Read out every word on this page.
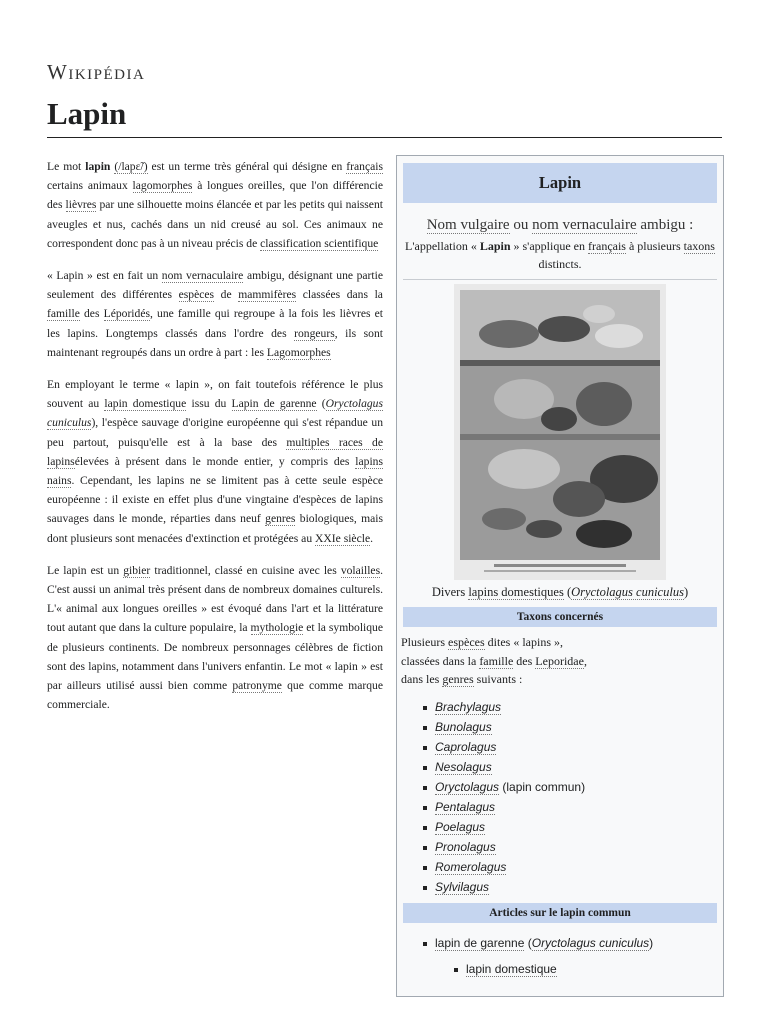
Wikipédia
Lapin

Le mot lapin (/lapɛ̃/) est un terme très général qui désigne en français certains animaux lagomorphes à longues oreilles, que l'on différencie des lièvres par une silhouette moins élancée et par les petits qui naissent aveugles et nus, cachés dans un nid creusé au sol. Ces animaux ne correspondent donc pas à un niveau précis de classification scientifique

« Lapin » est en fait un nom vernaculaire ambigu, désignant une partie seulement des différentes espèces de mammifères classées dans la famille des Léporidés, une famille qui regroupe à la fois les lièvres et les lapins. Longtemps classés dans l'ordre des rongeurs, ils sont maintenant regroupés dans un ordre à part : les Lagomorphes

En employant le terme « lapin », on fait toutefois référence le plus souvent au lapin domestique issu du Lapin de garenne (Oryctolagus cuniculus), l'espèce sauvage d'origine européenne qui s'est répandue un peu partout, puisqu'elle est à la base des multiples races de lapinsélevées à présent dans le monde entier, y compris des lapins nains. Cependant, les lapins ne se limitent pas à cette seule espèce européenne : il existe en effet plus d'une vingtaine d'espèces de lapins sauvages dans le monde, réparties dans neuf genres biologiques, mais dont plusieurs sont menacées d'extinction et protégées au XXIe siècle.

Le lapin est un gibier traditionnel, classé en cuisine avec les volailles. C'est aussi un animal très présent dans de nombreux domaines culturels. L'« animal aux longues oreilles » est évoqué dans l'art et la littérature tout autant que dans la culture populaire, la mythologie et la symbolique de plusieurs continents. De nombreux personnages célèbres de fiction sont des lapins, notamment dans l'univers enfantin. Le mot « lapin » est par ailleurs utilisé aussi bien comme patronyme que comme marque commerciale.

Lapin
Nom vulgaire ou nom vernaculaire ambigu :
L'appellation « Lapin » s'applique en français à plusieurs taxons distincts.
Divers lapins domestiques (Oryctolagus cuniculus)
Taxons concernés
Plusieurs espèces dites « lapins »,
classées dans la famille des Leporidae,
dans les genres suivants :
Brachylagus
Bunolagus
Caprolagus
Nesolagus
Oryctolagus (lapin commun)
Pentalagus
Poelagus
Pronolagus
Romerolagus
Sylvilagus
Articles sur le lapin commun
lapin de garenne (Oryctolagus cuniculus)
lapin domestique
